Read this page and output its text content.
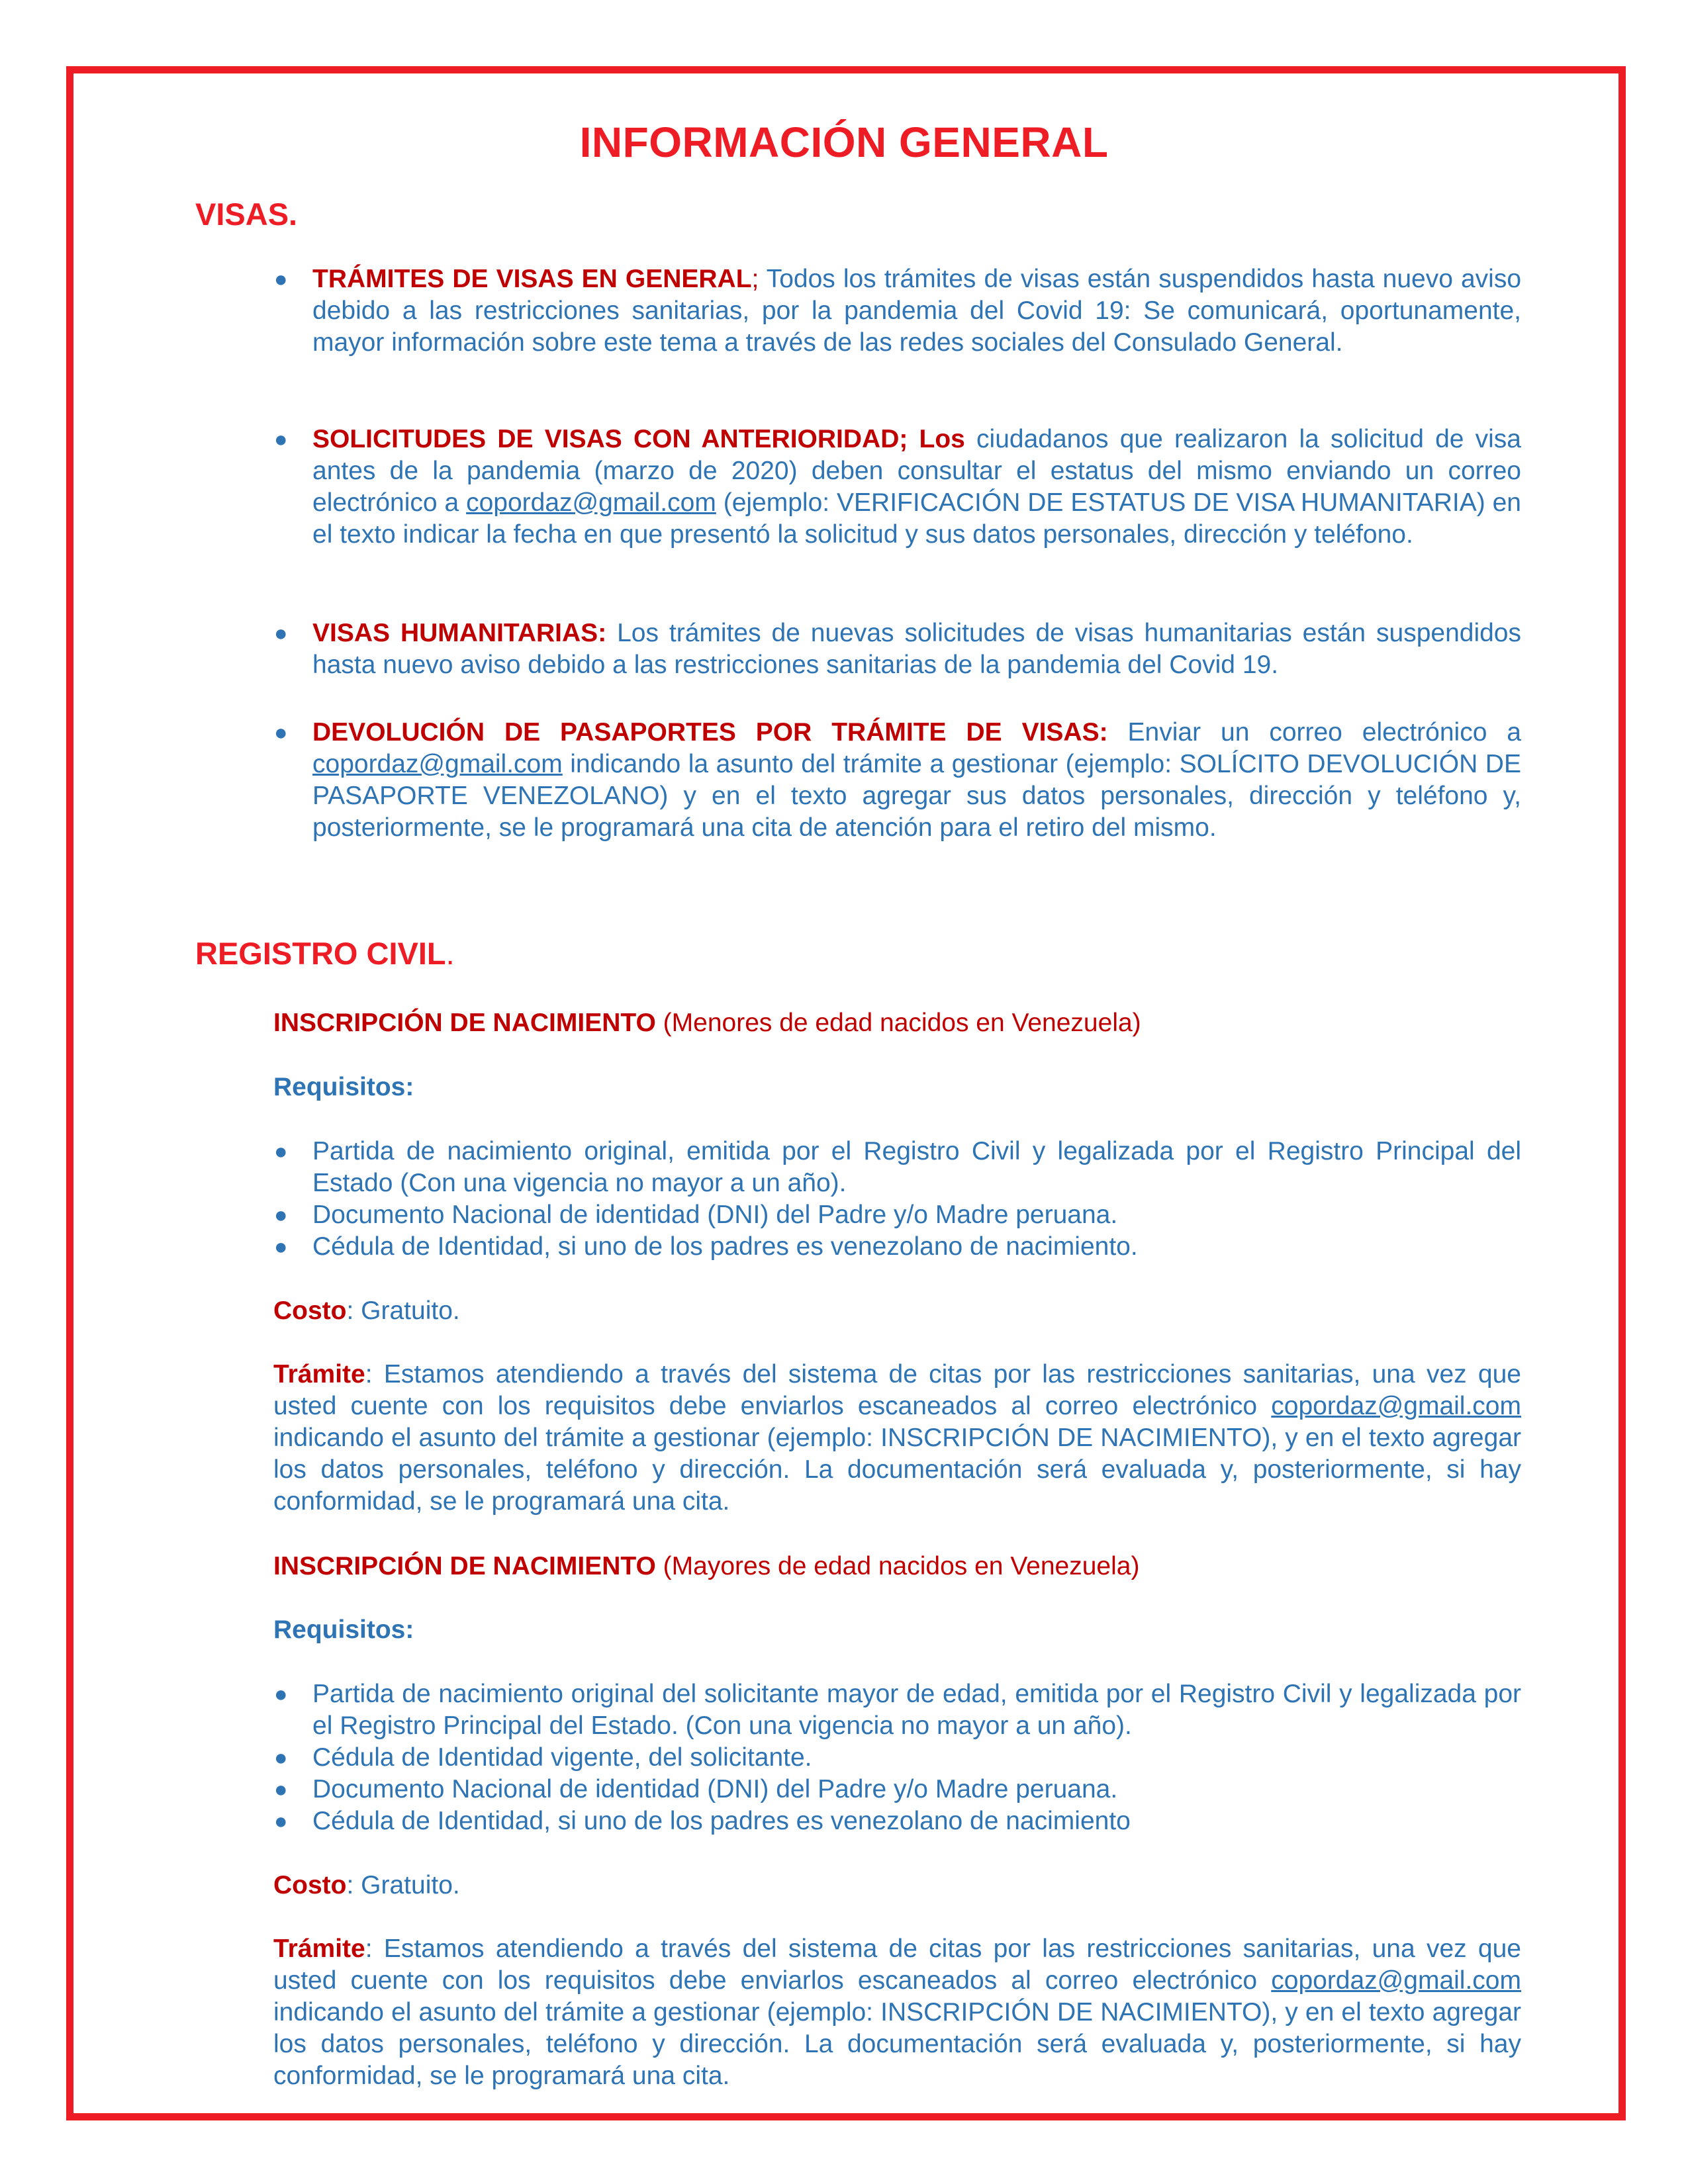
INFORMACIÓN GENERAL
VISAS.
● TRÁMITES DE VISAS EN GENERAL; Todos los trámites de visas están suspendidos hasta nuevo aviso debido a las restricciones sanitarias, por la pandemia del Covid 19: Se comunicará, oportunamente, mayor información sobre este tema a través de las redes sociales del Consulado General.
● SOLICITUDES DE VISAS CON ANTERIORIDAD; Los ciudadanos que realizaron la solicitud de visa antes de la pandemia (marzo de 2020) deben consultar el estatus del mismo enviando un correo electrónico a copordaz@gmail.com (ejemplo: VERIFICACIÓN DE ESTATUS DE VISA HUMANITARIA) en el texto indicar la fecha en que presentó la solicitud y sus datos personales, dirección y teléfono.
● VISAS HUMANITARIAS: Los trámites de nuevas solicitudes de visas humanitarias están suspendidos hasta nuevo aviso debido a las restricciones sanitarias de la pandemia del Covid 19.
● DEVOLUCIÓN DE PASAPORTES POR TRÁMITE DE VISAS: Enviar un correo electrónico a copordaz@gmail.com indicando la asunto del trámite a gestionar (ejemplo: SOLÍCITO DEVOLUCIÓN DE PASAPORTE VENEZOLANO) y en el texto agregar sus datos personales, dirección y teléfono y, posteriormente, se le programará una cita de atención para el retiro del mismo.
REGISTRO CIVIL.
INSCRIPCIÓN DE NACIMIENTO (Menores de edad nacidos en Venezuela)
Requisitos:
● Partida de nacimiento original, emitida por el Registro Civil y legalizada por el Registro Principal del Estado (Con una vigencia no mayor a un año).
● Documento Nacional de identidad (DNI) del Padre y/o Madre peruana.
● Cédula de Identidad, si uno de los padres es venezolano de nacimiento.
Costo: Gratuito.
Trámite: Estamos atendiendo a través del sistema de citas por las restricciones sanitarias, una vez que usted cuente con los requisitos debe enviarlos escaneados al correo electrónico copordaz@gmail.com indicando el asunto del trámite a gestionar (ejemplo: INSCRIPCIÓN DE NACIMIENTO), y en el texto agregar los datos personales, teléfono y dirección. La documentación será evaluada y, posteriormente, si hay conformidad, se le programará una cita.
INSCRIPCIÓN DE NACIMIENTO (Mayores de edad nacidos en Venezuela)
Requisitos:
● Partida de nacimiento original del solicitante mayor de edad, emitida por el Registro Civil y legalizada por el Registro Principal del Estado. (Con una vigencia no mayor a un año).
● Cédula de Identidad vigente, del solicitante.
● Documento Nacional de identidad (DNI) del Padre y/o Madre peruana.
● Cédula de Identidad, si uno de los padres es venezolano de nacimiento
Costo: Gratuito.
Trámite: Estamos atendiendo a través del sistema de citas por las restricciones sanitarias, una vez que usted cuente con los requisitos debe enviarlos escaneados al correo electrónico copordaz@gmail.com indicando el asunto del trámite a gestionar (ejemplo: INSCRIPCIÓN DE NACIMIENTO), y en el texto agregar los datos personales, teléfono y dirección. La documentación será evaluada y, posteriormente, si hay conformidad, se le programará una cita.
